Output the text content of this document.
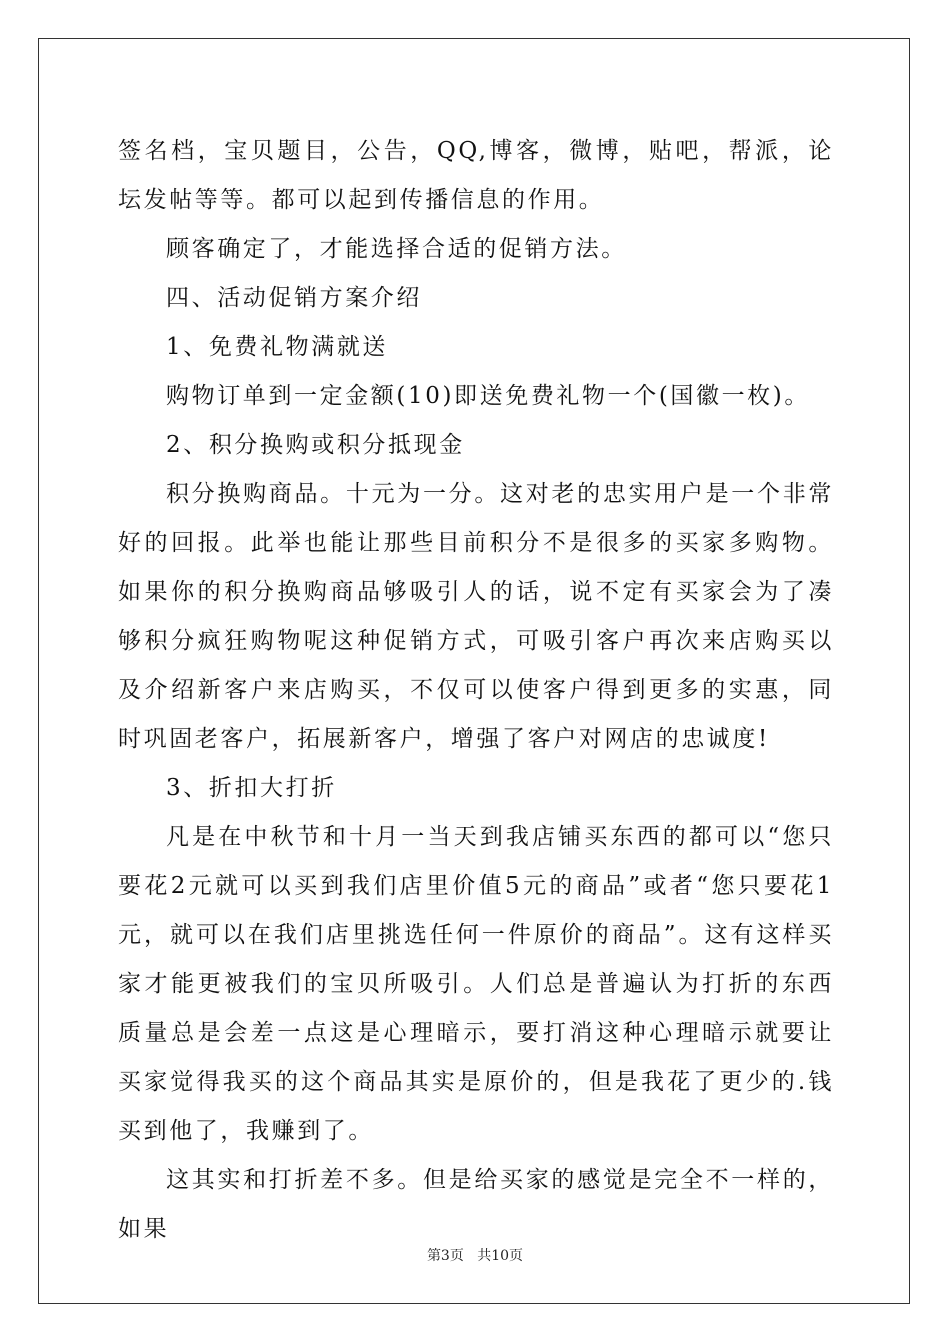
签名档，宝贝题目，公告，QQ,博客，微博，贴吧，帮派，论坛发帖等等。都可以起到传播信息的作用。

顾客确定了，才能选择合适的促销方法。

四、活动促销方案介绍

1、免费礼物满就送

购物订单到一定金额(10)即送免费礼物一个(国徽一枚)。

2、积分换购或积分抵现金

积分换购商品。十元为一分。这对老的忠实用户是一个非常好的回报。此举也能让那些目前积分不是很多的买家多购物。如果你的积分换购商品够吸引人的话，说不定有买家会为了凑够积分疯狂购物呢这种促销方式，可吸引客户再次来店购买以及介绍新客户来店购买，不仅可以使客户得到更多的实惠，同时巩固老客户，拓展新客户，增强了客户对网店的忠诚度!

3、折扣大打折

凡是在中秋节和十月一当天到我店铺买东西的都可以“您只要花2元就可以买到我们店里价值5元的商品”或者“您只要花1元，就可以在我们店里挑选任何一件原价的商品”。这有这样买家才能更被我们的宝贝所吸引。人们总是普遍认为打折的东西质量总是会差一点这是心理暗示，要打消这种心理暗示就要让买家觉得我买的这个商品其实是原价的，但是我花了更少的.钱买到他了，我赚到了。

这其实和打折差不多。但是给买家的感觉是完全不一样的，如果

第3页 共10页
